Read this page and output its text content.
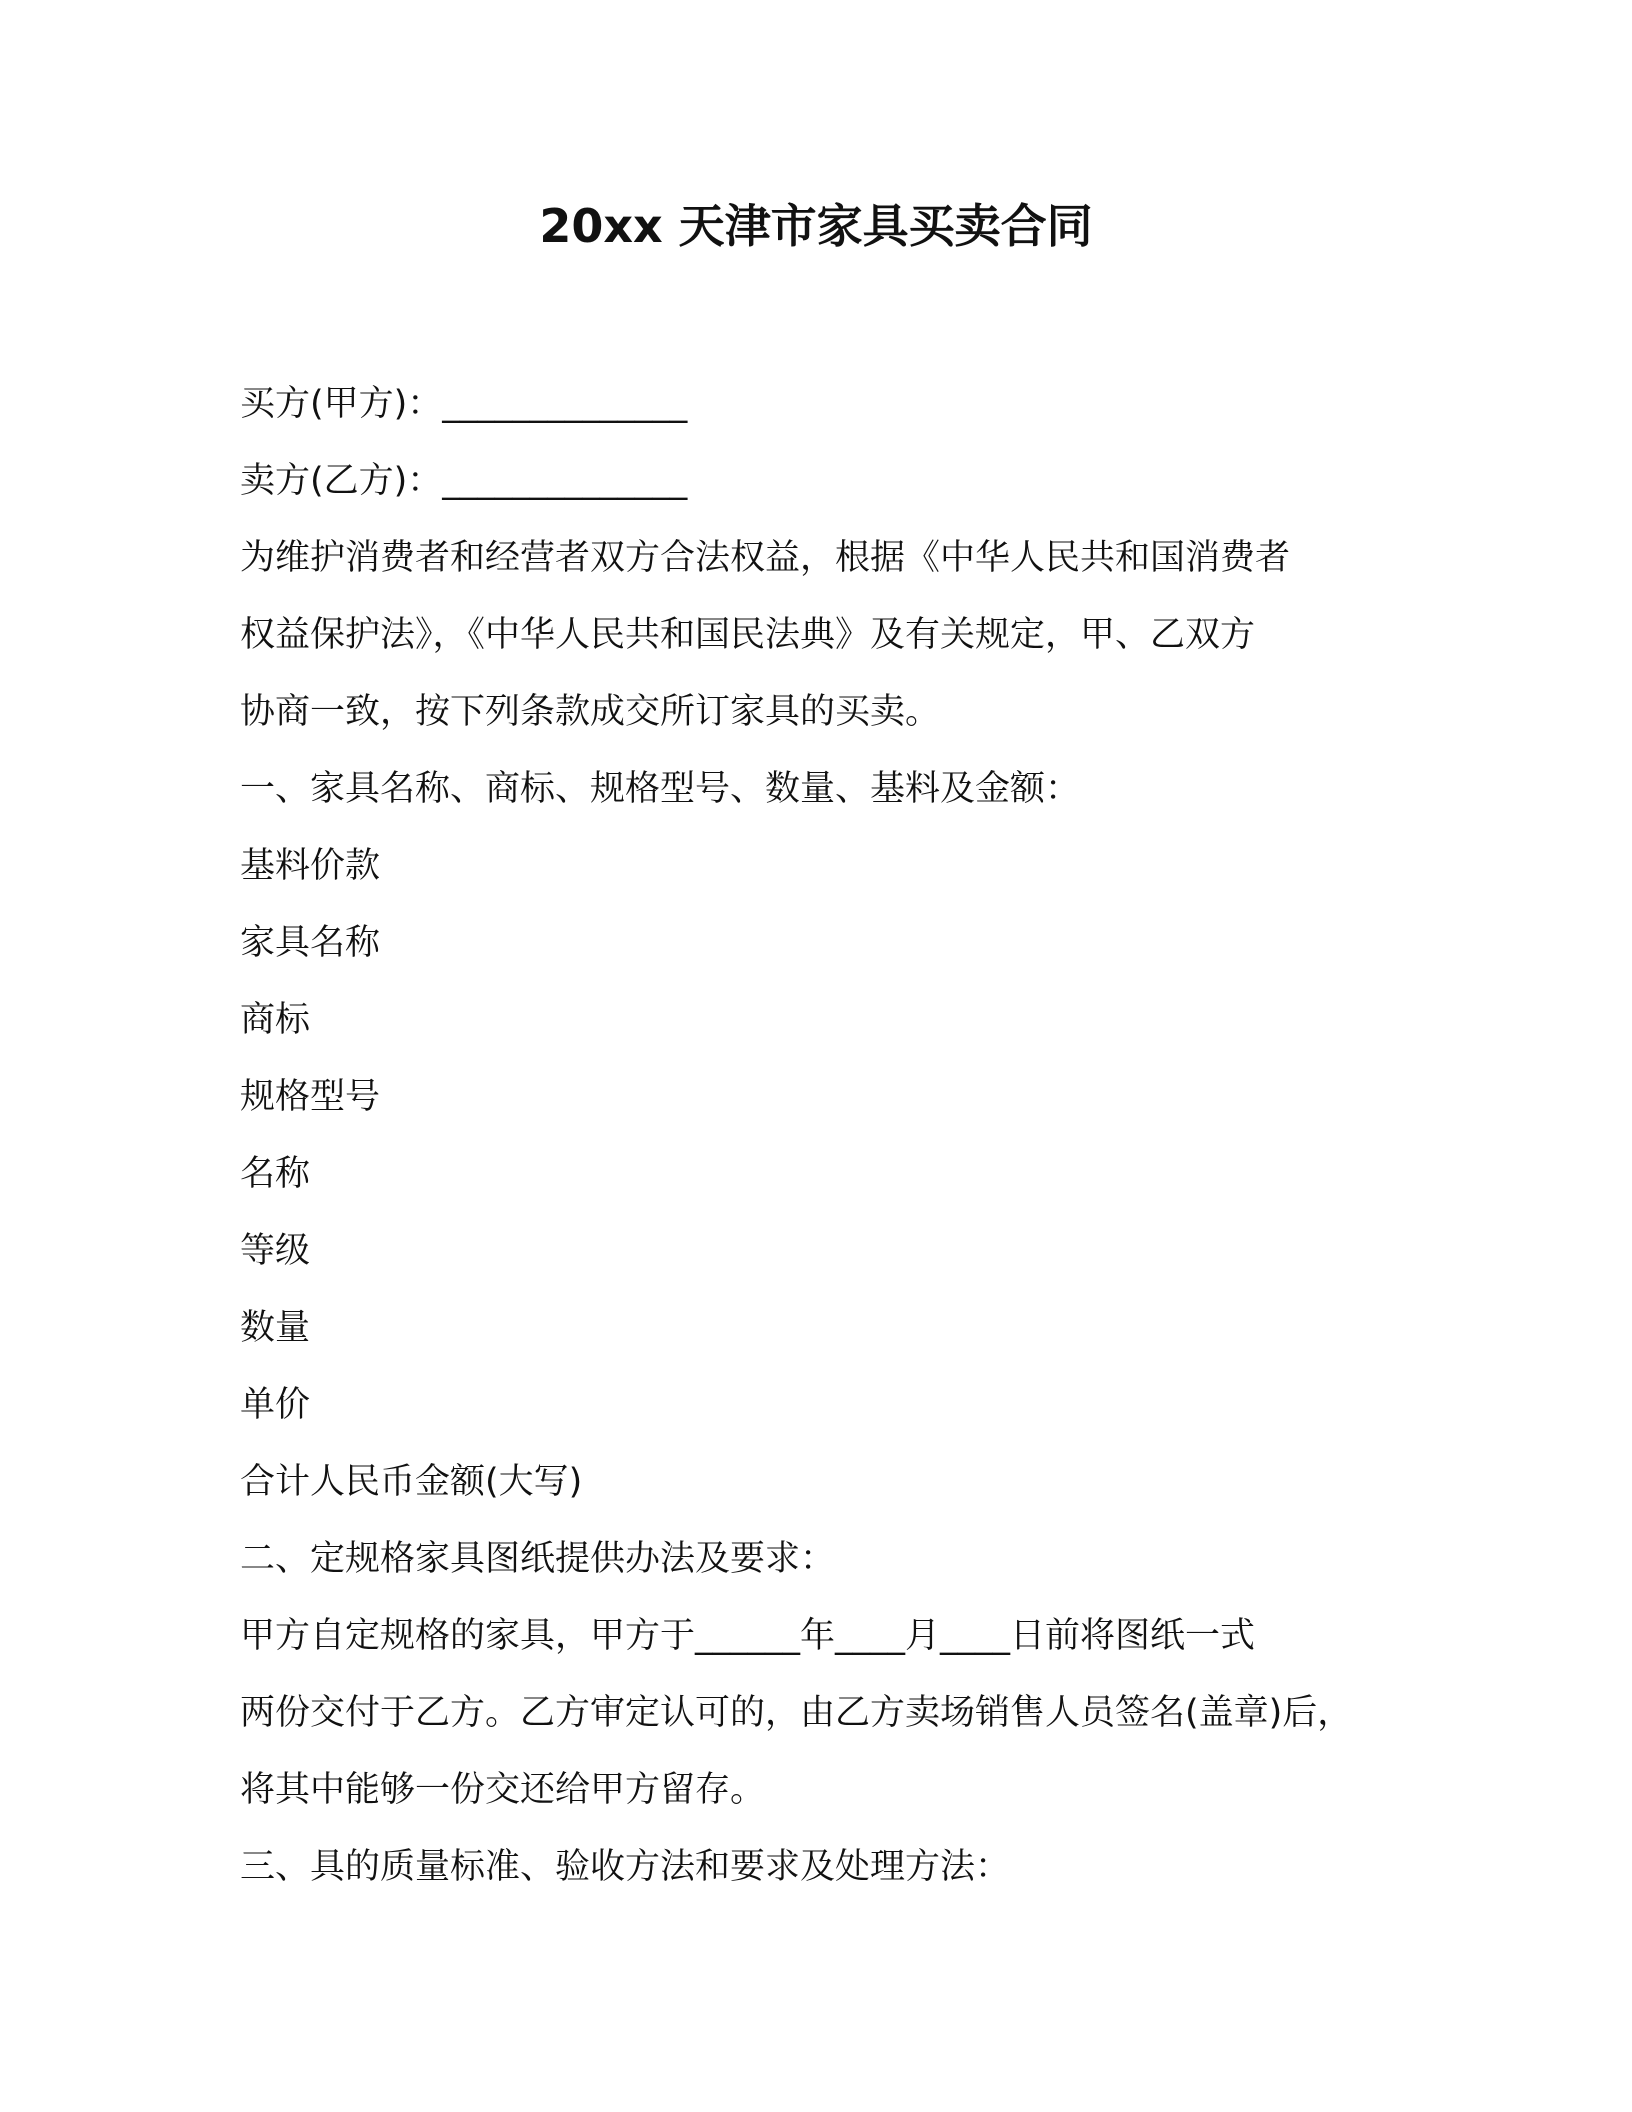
20xx 天津市家具买卖合同
买方(甲方)：______________
卖方(乙方)：______________
为维护消费者和经营者双方合法权益，根据《中华人民共和国消费者
权益保护法》，《中华人民共和国民法典》及有关规定，甲、乙双方
协商一致，按下列条款成交所订家具的买卖。
一、家具名称、商标、规格型号、数量、基料及金额：
基料价款
家具名称
商标
规格型号
名称
等级
数量
单价
合计人民币金额(大写)
二、定规格家具图纸提供办法及要求：
甲方自定规格的家具，甲方于______年____月____日前将图纸一式
两份交付于乙方。乙方审定认可的，由乙方卖场销售人员签名(盖章)后，
将其中能够一份交还给甲方留存。
三、具的质量标准、验收方法和要求及处理方法：
